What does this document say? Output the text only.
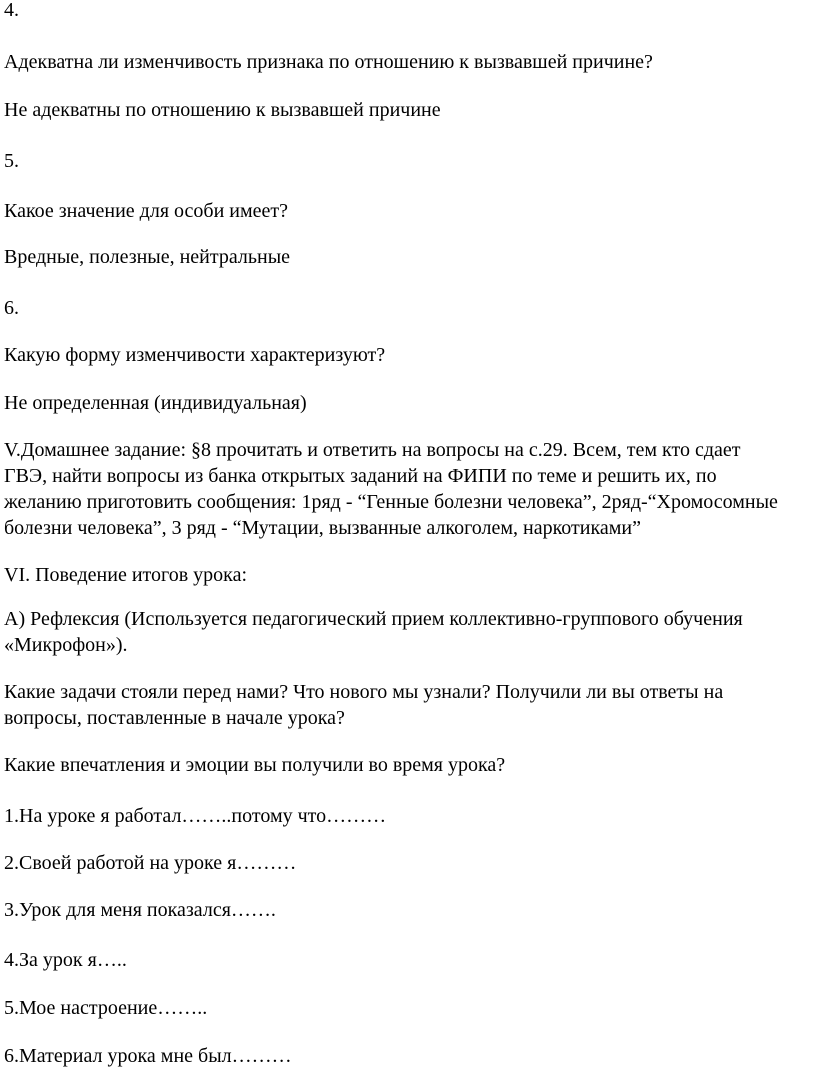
4.

Адекватна ли изменчивость признака по отношению к вызвавшей причине?

Не адекватны по отношению к вызвавшей причине

5.

Какое значение для особи имеет?

Вредные, полезные, нейтральные

6.

Какую форму изменчивости характеризуют?

Не определенная (индивидуальная)

V.Домашнее задание: §8 прочитать и ответить на вопросы на с.29. Всем, тем кто сдает
ГВЭ, найти вопросы из банка открытых заданий на ФИПИ по теме и решить их, по
желанию приготовить сообщения: 1ряд - “Генные болезни человека”, 2ряд-“Хромосомные
болезни человека”, 3 ряд - “Мутации, вызванные алкоголем, наркотиками”

VI. Поведение итогов урока:

А) Рефлексия (Используется педагогический прием коллективно-группового обучения
«Микрофон»).

Какие задачи стояли перед нами? Что нового мы узнали? Получили ли вы ответы на
вопросы, поставленные в начале урока?

Какие впечатления и эмоции вы получили во время урока?

1.На уроке я работал……..потому что………

2.Своей работой на уроке я………

3.Урок для меня показался…….

4.За урок я…..

5.Мое настроение……..

6.Материал урока мне был………
